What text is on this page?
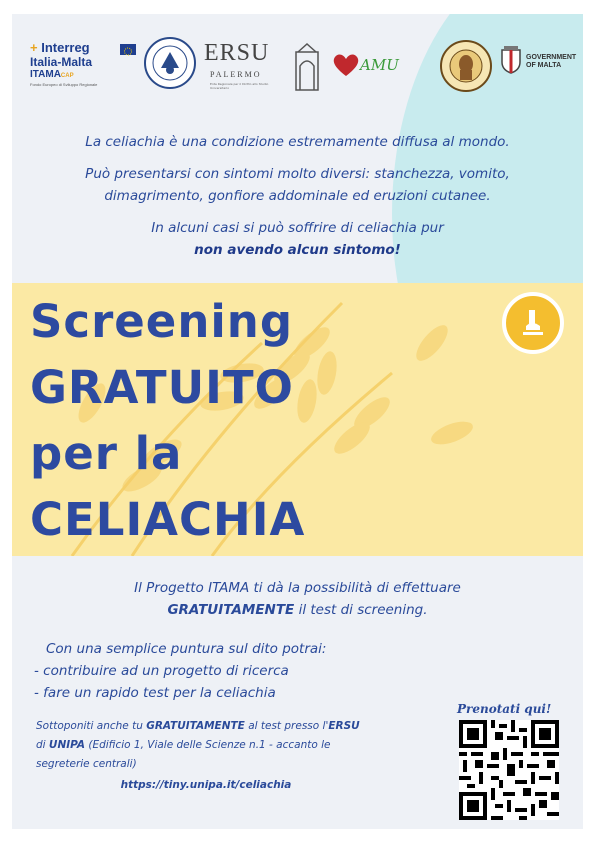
+ Interreg
Italia-Malta
ITAMACAP
Fondo Europeo di Sviluppo Regionale
ERSU
PALERMO
Ente Regionale per il Diritto allo Studio Universitario
AMU	GOVERNMENT
OF MALTA

La celiachia è una condizione estremamente diffusa al mondo.

Può presentarsi con sintomi molto diversi: stanchezza, vomito,

dimagrimento, gonfiore addominale ed eruzioni cutanee.

In alcuni casi si può soffrire di celiachia pur

non avendo alcun sintomo!

Screening
GRATUITO
per la
CELIACHIA

Il Progetto ITAMA ti dà la possibilità di effettuare

GRATUITAMENTE il test di screening.

Con una semplice puntura sul dito potrai:

- contribuire ad un progetto di ricerca

- fare un rapido test per la celiachia

Sottoponiti anche tu GRATUITAMENTE al test presso l'ERSU

di UNIPA (Edificio 1, Viale delle Scienze n.1 - accanto le

segreterie centrali)

https://tiny.unipa.it/celiachia

Prenotati qui!
